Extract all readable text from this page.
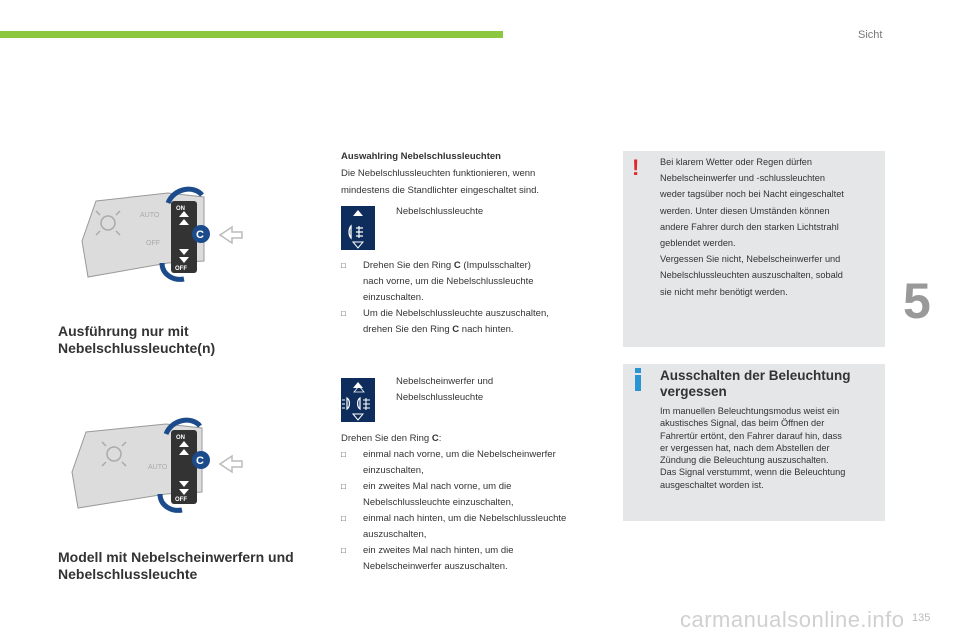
Sicht
5
AUTO
OFF
ON
OFF
C
Ausführung nur mit
Nebelschlussleuchte(n)
AUTO
ON
OFF
C
Modell mit Nebelscheinwerfern und
Nebelschlussleuchte
Auswahlring Nebelschlussleuchten
Die Nebelschlussleuchten funktionieren, wenn
mindestens die Standlichter eingeschaltet sind.
Nebelschlussleuchte
□ Drehen Sie den Ring C (Impulsschalter)
nach vorne, um die Nebelschlussleuchte
einzuschalten.
□ Um die Nebelschlussleuchte auszuschalten,
drehen Sie den Ring C nach hinten.
Nebelscheinwerfer und
Nebelschlussleuchte
Drehen Sie den Ring C:
□ einmal nach vorne, um die Nebelscheinwerfer
einzuschalten,
□ ein zweites Mal nach vorne, um die
Nebelschlussleuchte einzuschalten,
□ einmal nach hinten, um die Nebelschlussleuchte
auszuschalten,
□ ein zweites Mal nach hinten, um die
Nebelscheinwerfer auszuschalten.
! Bei klarem Wetter oder Regen dürfen
Nebelscheinwerfer und -schlussleuchten
weder tagsüber noch bei Nacht eingeschaltet
werden. Unter diesen Umständen können
andere Fahrer durch den starken Lichtstrahl
geblendet werden.
Vergessen Sie nicht, Nebelscheinwerfer und
Nebelschlussleuchten auszuschalten, sobald
sie nicht mehr benötigt werden.
Ausschalten der Beleuchtung
vergessen
Im manuellen Beleuchtungsmodus weist ein
akustisches Signal, das beim Öffnen der
Fahrertür ertönt, den Fahrer darauf hin, dass
er vergessen hat, nach dem Abstellen der
Zündung die Beleuchtung auszuschalten.
Das Signal verstummt, wenn die Beleuchtung
ausgeschaltet worden ist.
carmanualsonline.info 135
